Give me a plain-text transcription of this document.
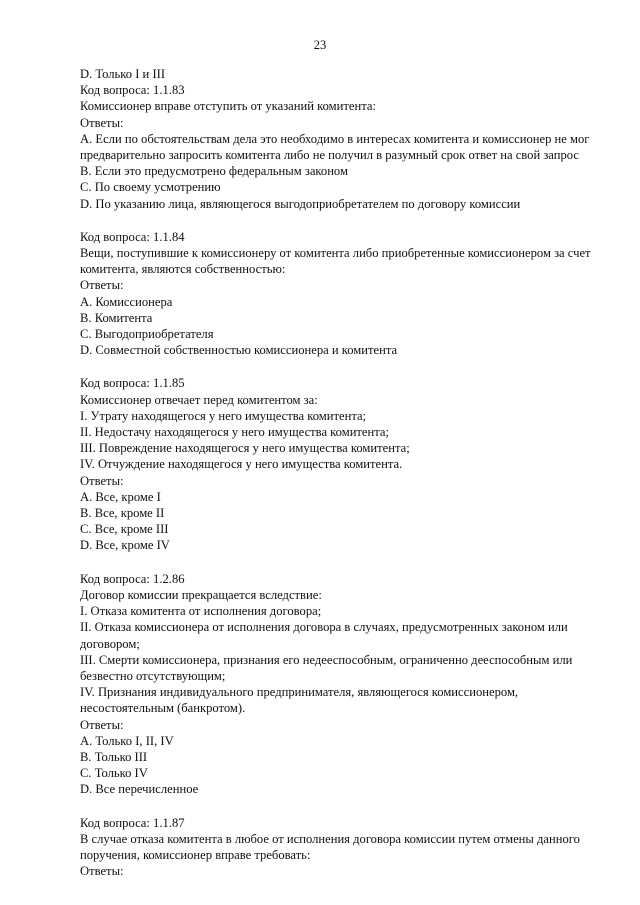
23
D. Только I и III
Код вопроса: 1.1.83
Комиссионер вправе отступить от указаний комитента:
Ответы:
A. Если по обстоятельствам дела это необходимо в интересах комитента и комиссионер не мог предварительно запросить комитента либо не получил в разумный срок ответ на свой запрос
B. Если это предусмотрено федеральным законом
C. По своему усмотрению
D. По указанию лица, являющегося выгодоприобретателем по договору комиссии
Код вопроса: 1.1.84
Вещи, поступившие к комиссионеру от комитента либо приобретенные комиссионером за счет комитента, являются собственностью:
Ответы:
A. Комиссионера
B. Комитента
C. Выгодоприобретателя
D. Совместной собственностью комиссионера и комитента
Код вопроса: 1.1.85
Комиссионер отвечает перед комитентом за:
I. Утрату находящегося у него имущества комитента;
II. Недостачу находящегося у него имущества комитента;
III. Повреждение находящегося у него имущества комитента;
IV. Отчуждение находящегося у него имущества комитента.
Ответы:
A. Все, кроме I
B. Все, кроме II
C. Все, кроме III
D. Все, кроме IV
Код вопроса: 1.2.86
Договор комиссии прекращается вследствие:
I. Отказа комитента от исполнения договора;
II. Отказа комиссионера от исполнения договора в случаях, предусмотренных законом или договором;
III. Смерти комиссионера, признания его недееспособным, ограниченно дееспособным или безвестно отсутствующим;
IV. Признания индивидуального предпринимателя, являющегося комиссионером, несостоятельным (банкротом).
Ответы:
A. Только I, II, IV
B. Только III
C. Только IV
D. Все перечисленное
Код вопроса: 1.1.87
В случае отказа комитента в любое от исполнения договора комиссии путем отмены данного поручения, комиссионер вправе требовать:
Ответы:
